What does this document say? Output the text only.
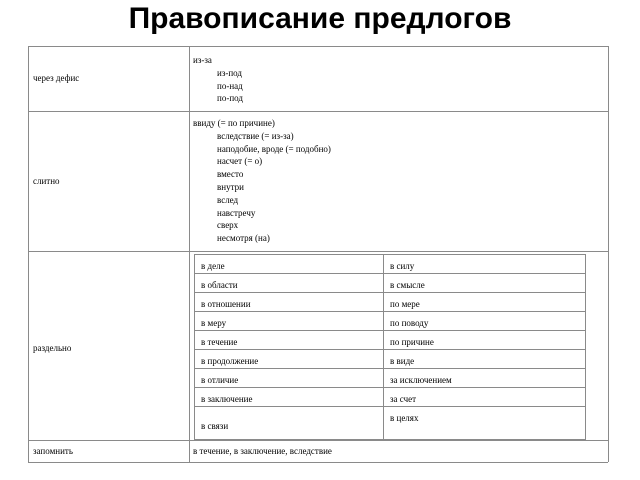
Правописание предлогов
через дефис
из-за
из-под
по-над
по-под
слитно
ввиду (= по причине)
вследствие (= из-за)
наподобие, вроде (= подобно)
насчет (= о)
вместо
внутри
вслед
навстречу
сверх
несмотря (на)
раздельно
в деле
в области
в отношении
в меру
в течение
в продолжение
в отличие
в заключение
в связи
в силу
в смысле
по мере
по поводу
по причине
в виде
за исключением
за счет
в целях
запомнить	в течение, в заключение, вследствие
